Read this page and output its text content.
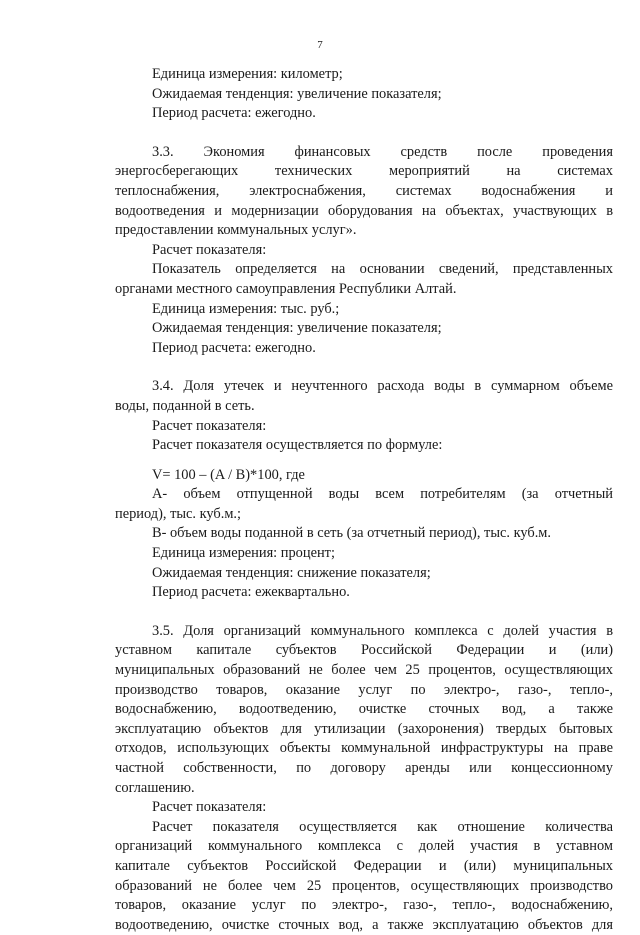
7

Единица измерения: километр;

Ожидаемая тенденция: увеличение показателя;

Период расчета: ежегодно.

3.3. Экономия финансовых средств после проведения

энергосберегающих технических мероприятий на системах

теплоснабжения, электроснабжения, системах водоснабжения и

водоотведения и модернизации оборудования на объектах, участвующих в

предоставлении коммунальных услуг».

Расчет показателя:

Показатель определяется на основании сведений, представленных

органами местного самоуправления Республики Алтай.

Единица измерения: тыс. руб.;

Ожидаемая тенденция: увеличение показателя;

Период расчета: ежегодно.

3.4. Доля утечек и неучтенного расхода воды в суммарном объеме

воды, поданной в сеть.

Расчет показателя:

Расчет показателя осуществляется по формуле:

V= 100 – (A / B)*100, где

А- объем отпущенной воды всем потребителям (за отчетный

период), тыс. куб.м.;

В- объем воды поданной в сеть (за отчетный период), тыс. куб.м.

Единица измерения: процент;

Ожидаемая тенденция: снижение показателя;

Период расчета: ежеквартально.

3.5. Доля организаций коммунального комплекса с долей участия в

уставном капитале субъектов Российской Федерации и (или)

муниципальных образований не более чем 25 процентов, осуществляющих

производство товаров, оказание услуг по электро-, газо-, тепло-,

водоснабжению, водоотведению, очистке сточных вод, а также

эксплуатацию объектов для утилизации (захоронения) твердых бытовых

отходов, использующих объекты коммунальной инфраструктуры на праве

частной собственности, по договору аренды или концессионному

соглашению.

Расчет показателя:

Расчет показателя осуществляется как отношение количества

организаций коммунального комплекса с долей участия в уставном

капитале субъектов Российской Федерации и (или) муниципальных

образований не более чем 25 процентов, осуществляющих производство

товаров, оказание услуг по электро-, газо-, тепло-, водоснабжению,

водоотведению, очистке сточных вод, а также эксплуатацию объектов для
